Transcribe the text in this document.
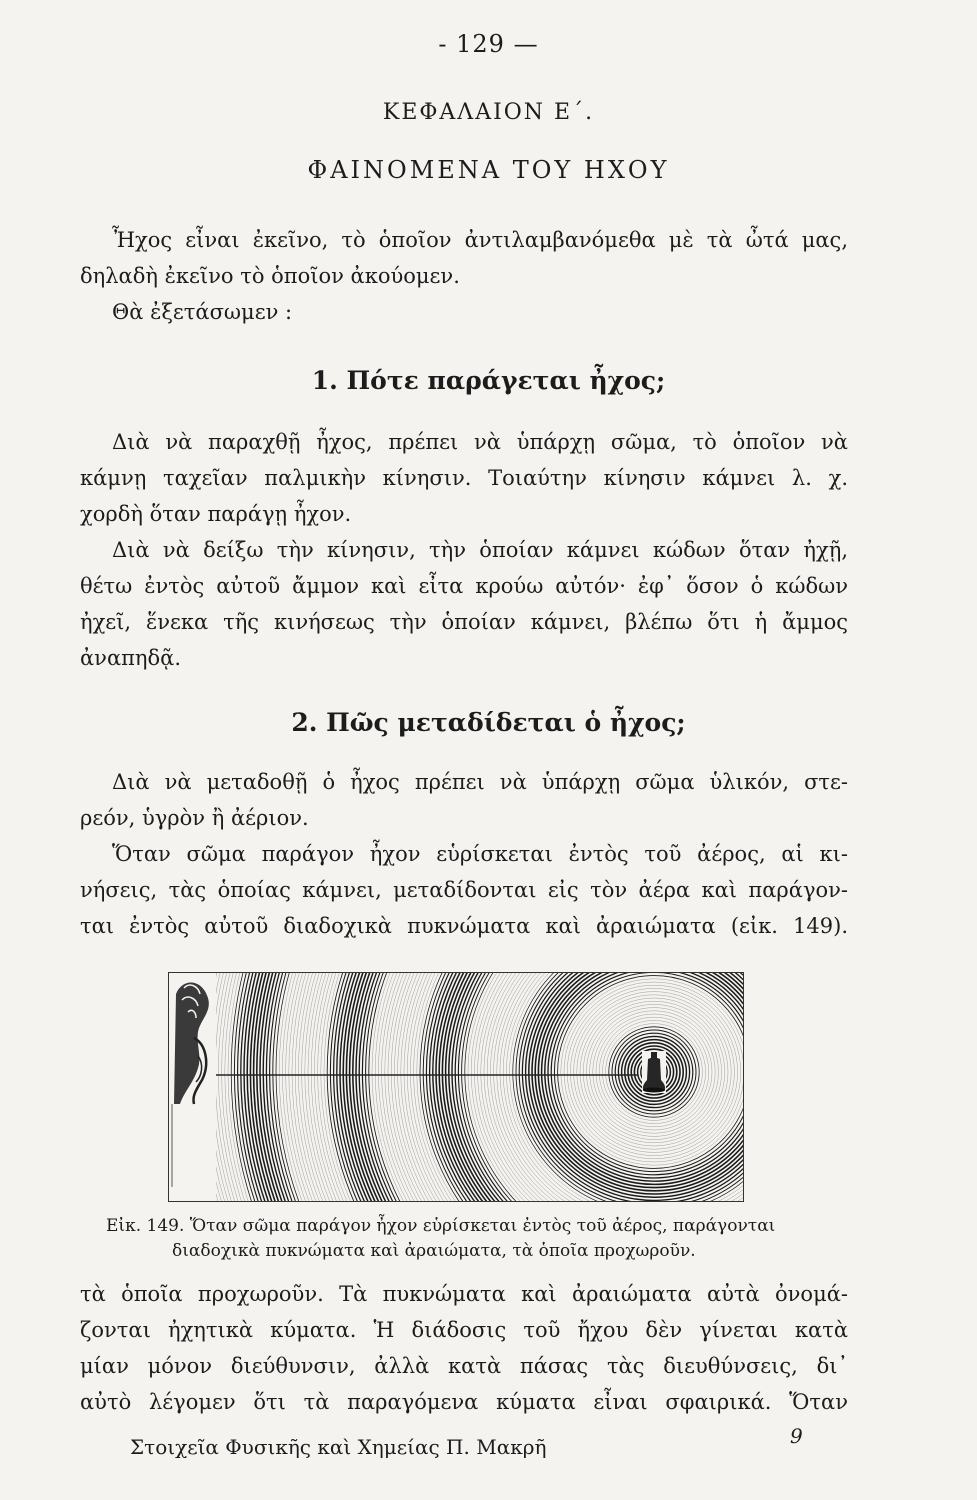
- 129 —
ΚΕΦΑΛΑΙΟΝ Ε΄.
ΦΑΙΝΟΜΕΝΑ ΤΟΥ ΗΧΟΥ
Ἦχος εἶναι ἐκεῖνο, τὸ ὁποῖον ἀντιλαμβανόμεθα μὲ τὰ ὦτά μας,
δηλαδὴ ἐκεῖνο τὸ ὁποῖον ἀκούομεν.
Θὰ ἐξετάσωμεν :
1. Πότε παράγεται ἦχος;
Διὰ νὰ παραχθῇ ἦχος, πρέπει νὰ ὑπάρχῃ σῶμα, τὸ ὁποῖον νὰ
κάμνῃ ταχεῖαν παλμικὴν κίνησιν. Τοιαύτην κίνησιν κάμνει λ. χ.
χορδὴ ὅταν παράγῃ ἦχον.
Διὰ νὰ δείξω τὴν κίνησιν, τὴν ὁποίαν κάμνει κώδων ὅταν ἠχῇ,
θέτω ἐντὸς αὐτοῦ ἄμμον καὶ εἶτα κρούω αὐτόν· ἐφ᾽ ὅσον ὁ κώδων
ἠχεῖ, ἕνεκα τῆς κινήσεως τὴν ὁποίαν κάμνει, βλέπω ὅτι ἡ ἄμμος
ἀναπηδᾷ.
2. Πῶς μεταδίδεται ὁ ἦχος;
Διὰ νὰ μεταδοθῇ ὁ ἦχος πρέπει νὰ ὑπάρχῃ σῶμα ὑλικόν, στε-
ρεόν, ὑγρὸν ἢ ἀέριον.
Ὅταν σῶμα παράγον ἦχον εὑρίσκεται ἐντὸς τοῦ ἀέρος, αἱ κι-
νήσεις, τὰς ὁποίας κάμνει, μεταδίδονται εἰς τὸν ἀέρα καὶ παράγον-
ται ἐντὸς αὐτοῦ διαδοχικὰ πυκνώματα καὶ ἀραιώματα (εἰκ. 149).
Εἰκ. 149. Ὅταν σῶμα παράγον ἦχον εὑρίσκεται ἐντὸς τοῦ ἀέρος, παράγονται
διαδοχικὰ πυκνώματα καὶ ἀραιώματα, τὰ ὁποῖα προχωροῦν.
τὰ ὁποῖα προχωροῦν. Τὰ πυκνώματα καὶ ἀραιώματα αὐτὰ ὀνομά-
ζονται ἠχητικὰ κύματα. Ἡ διάδοσις τοῦ ἤχου δὲν γίνεται κατὰ
μίαν μόνον διεύθυνσιν, ἀλλὰ κατὰ πάσας τὰς διευθύνσεις, δι᾽
αὐτὸ λέγομεν ὅτι τὰ παραγόμενα κύματα εἶναι σφαιρικά. Ὅταν
Στοιχεῖα Φυσικῆς καὶ Χημείας Π. Μακρῆ	9
